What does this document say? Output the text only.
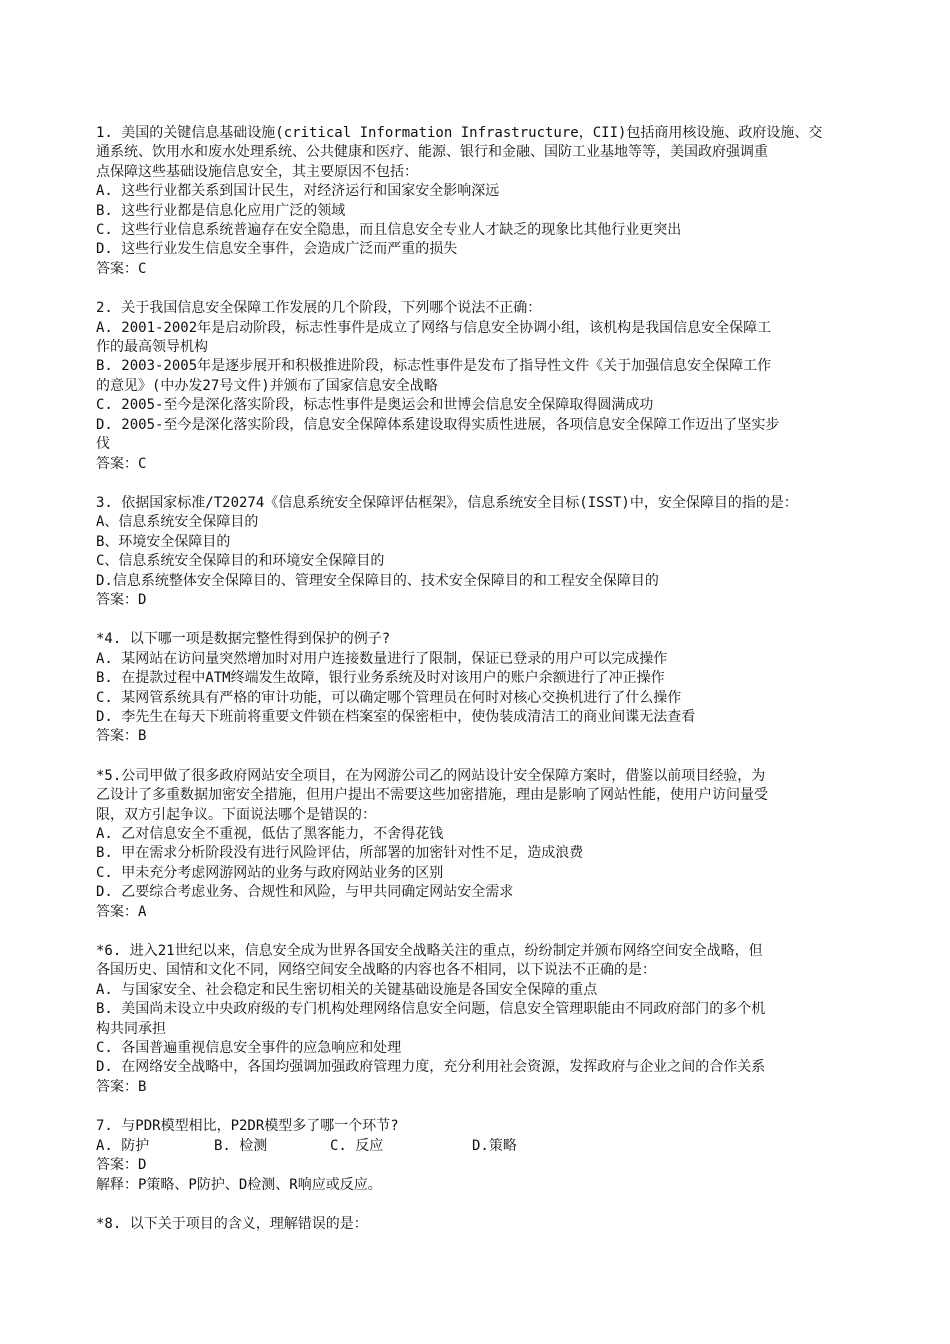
1. 美国的关键信息基础设施(critical Information Infrastructure，CII)包括商用核设施、政府设施、交
通系统、饮用水和废水处理系统、公共健康和医疗、能源、银行和金融、国防工业基地等等，美国政府强调重
点保障这些基础设施信息安全，其主要原因不包括：
A. 这些行业都关系到国计民生，对经济运行和国家安全影响深远
B. 这些行业都是信息化应用广泛的领域
C. 这些行业信息系统普遍存在安全隐患，而且信息安全专业人才缺乏的现象比其他行业更突出
D. 这些行业发生信息安全事件，会造成广泛而严重的损失
答案：C
2. 关于我国信息安全保障工作发展的几个阶段，下列哪个说法不正确：
A. 2001-2002年是启动阶段，标志性事件是成立了网络与信息安全协调小组，该机构是我国信息安全保障工
作的最高领导机构
B. 2003-2005年是逐步展开和积极推进阶段，标志性事件是发布了指导性文件《关于加强信息安全保障工作
的意见》(中办发27号文件)并颁布了国家信息安全战略
C. 2005-至今是深化落实阶段，标志性事件是奥运会和世博会信息安全保障取得圆满成功
D. 2005-至今是深化落实阶段，信息安全保障体系建设取得实质性进展，各项信息安全保障工作迈出了坚实步
伐
答案：C
3. 依据国家标准/T20274《信息系统安全保障评估框架》，信息系统安全目标(ISST)中，安全保障目的指的是：
A、信息系统安全保障目的
B、环境安全保障目的
C、信息系统安全保障目的和环境安全保障目的
D.信息系统整体安全保障目的、管理安全保障目的、技术安全保障目的和工程安全保障目的
答案：D
*4. 以下哪一项是数据完整性得到保护的例子?
A. 某网站在访问量突然增加时对用户连接数量进行了限制，保证已登录的用户可以完成操作
B. 在提款过程中ATM终端发生故障，银行业务系统及时对该用户的账户余额进行了冲正操作
C. 某网管系统具有严格的审计功能，可以确定哪个管理员在何时对核心交换机进行了什么操作
D. 李先生在每天下班前将重要文件锁在档案室的保密柜中，使伪装成清洁工的商业间谍无法查看
答案：B
*5.公司甲做了很多政府网站安全项目，在为网游公司乙的网站设计安全保障方案时，借鉴以前项目经验，为
乙设计了多重数据加密安全措施，但用户提出不需要这些加密措施，理由是影响了网站性能，使用户访问量受
限，双方引起争议。下面说法哪个是错误的：
A. 乙对信息安全不重视，低估了黑客能力，不舍得花钱
B. 甲在需求分析阶段没有进行风险评估，所部署的加密针对性不足，造成浪费
C. 甲未充分考虑网游网站的业务与政府网站业务的区别
D. 乙要综合考虑业务、合规性和风险，与甲共同确定网站安全需求
答案：A
*6. 进入21世纪以来，信息安全成为世界各国安全战略关注的重点，纷纷制定并颁布网络空间安全战略，但
各国历史、国情和文化不同，网络空间安全战略的内容也各不相同，以下说法不正确的是：
A. 与国家安全、社会稳定和民生密切相关的关键基础设施是各国安全保障的重点
B. 美国尚未设立中央政府级的专门机构处理网络信息安全问题，信息安全管理职能由不同政府部门的多个机
构共同承担
C. 各国普遍重视信息安全事件的应急响应和处理
D. 在网络安全战略中，各国均强调加强政府管理力度，充分利用社会资源，发挥政府与企业之间的合作关系
答案：B
7. 与PDR模型相比，P2DR模型多了哪一个环节?
A. 防护	B. 检测	C. 反应	D.策略
答案：D
解释：P策略、P防护、D检测、R响应或反应。
*8. 以下关于项目的含义，理解错误的是：
